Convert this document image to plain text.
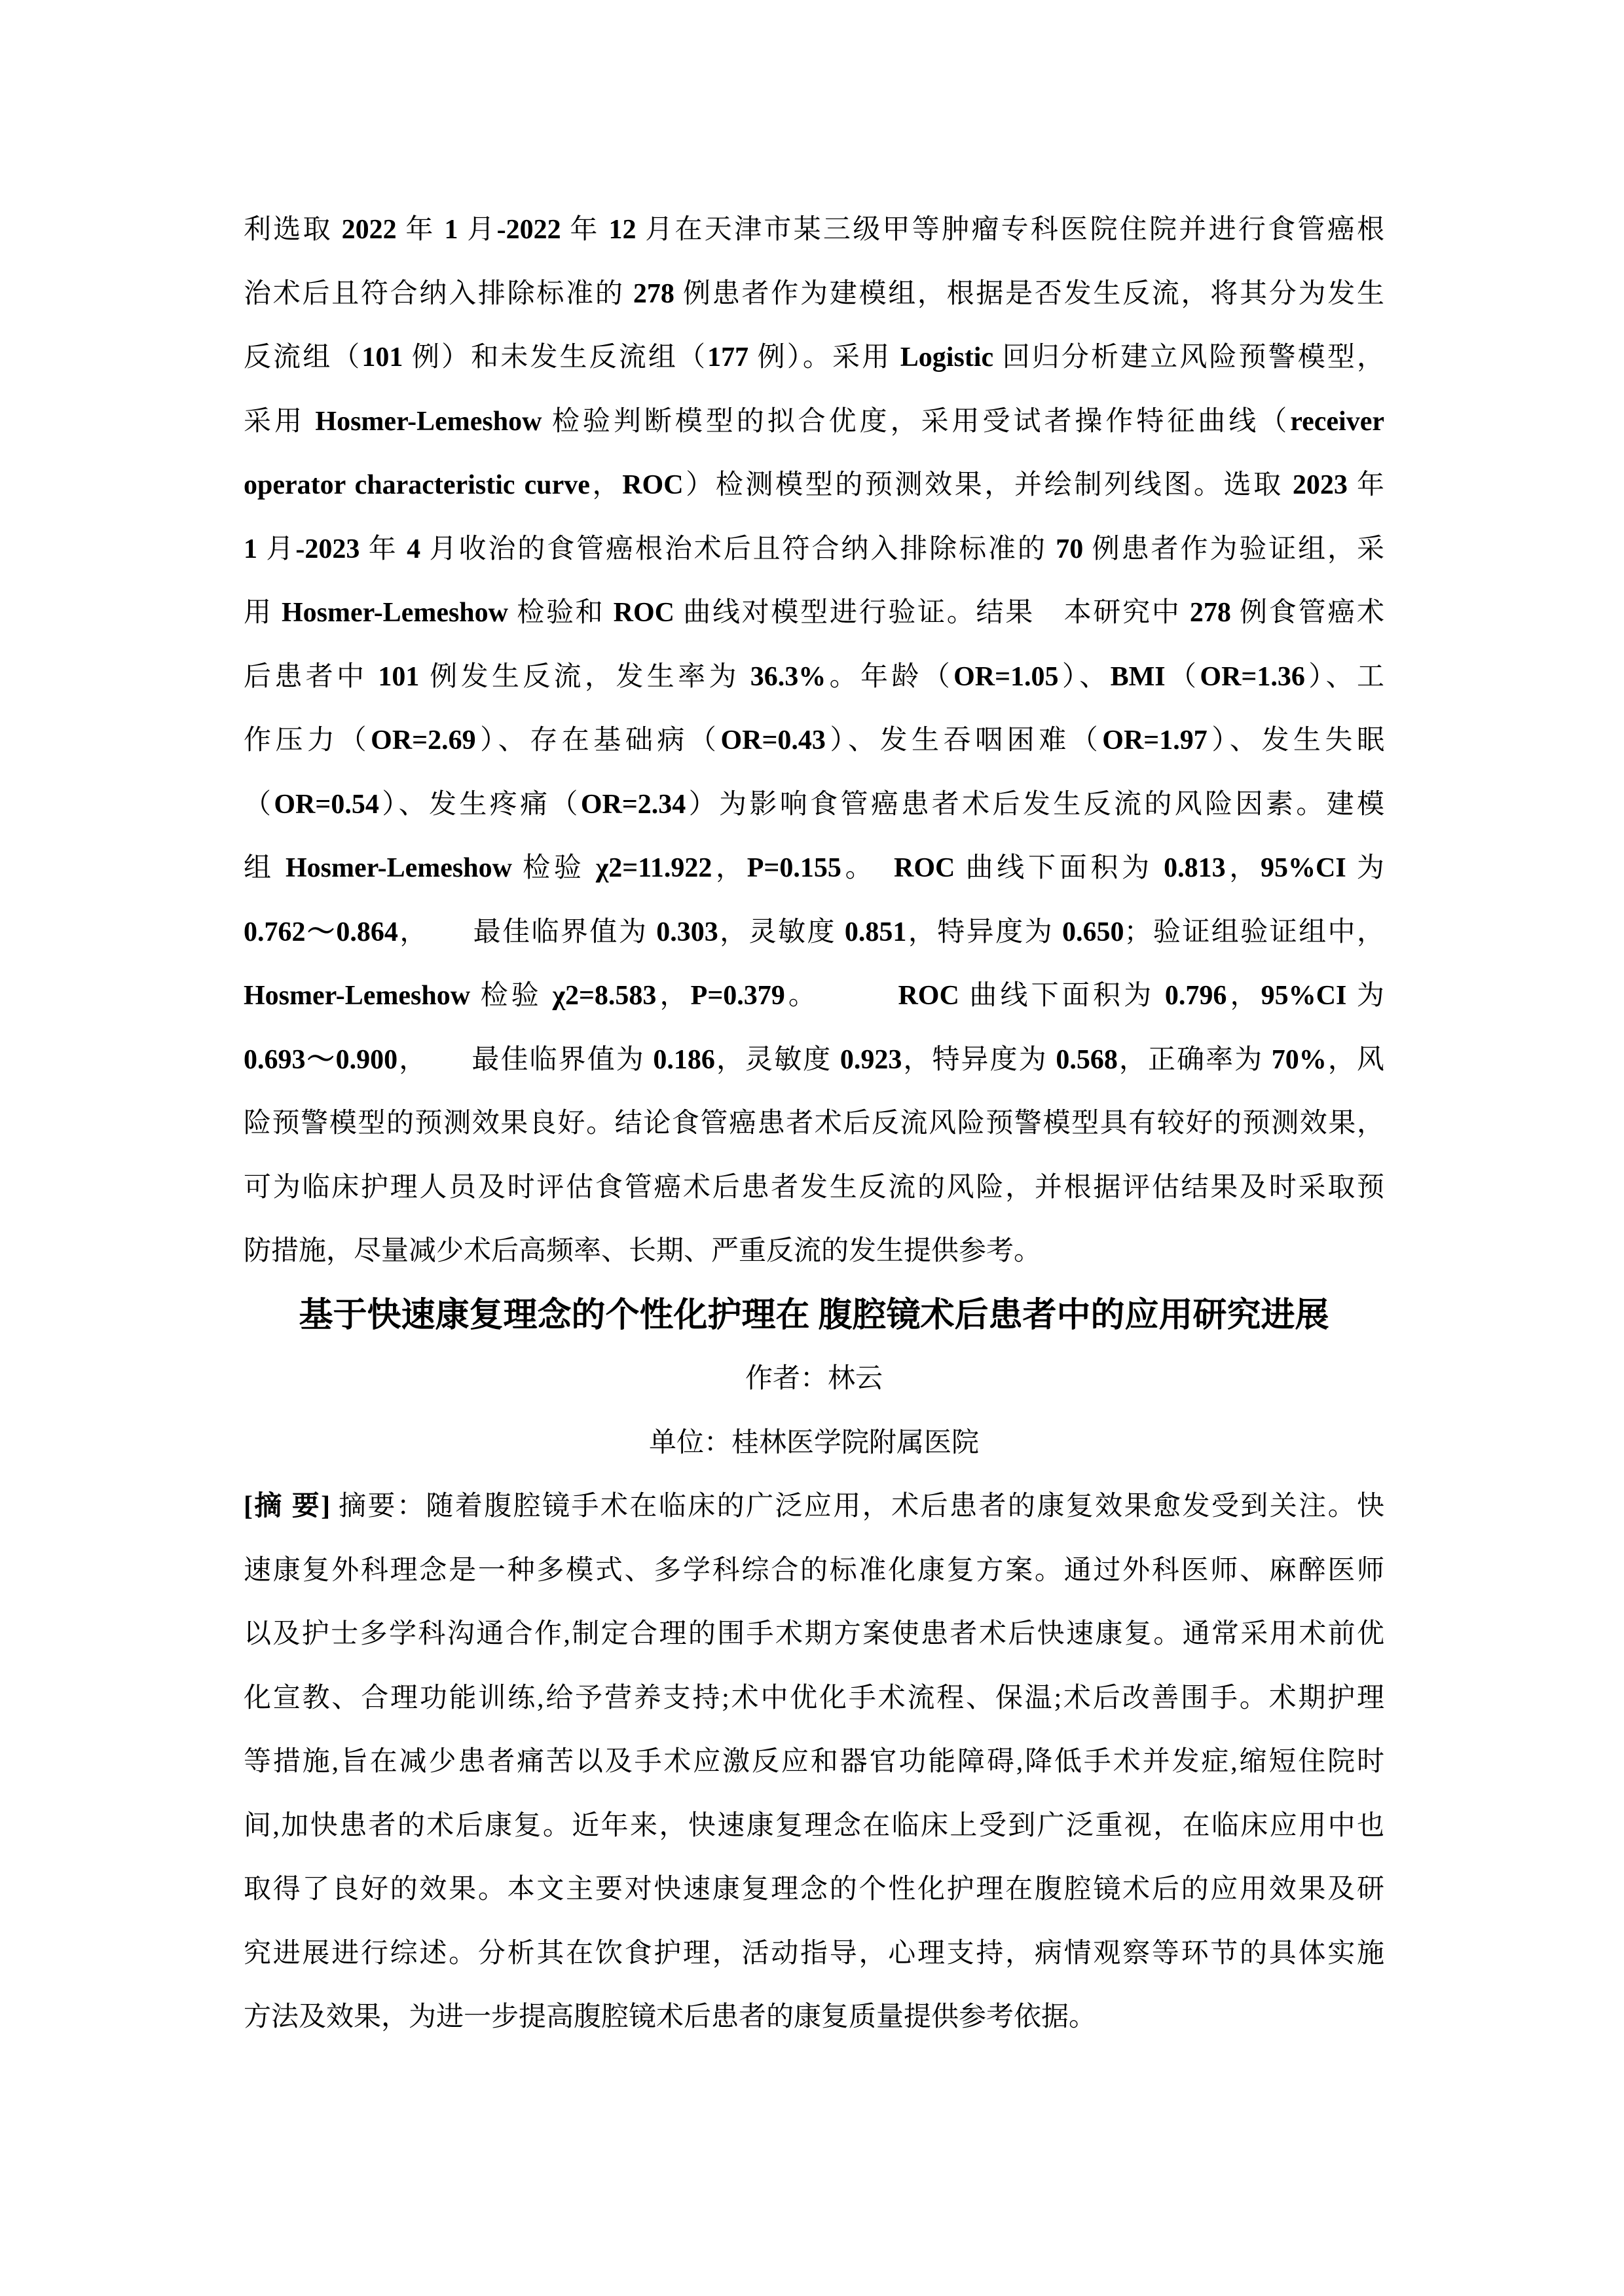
利选取 2022 年 1 月-2022 年 12 月在天津市某三级甲等肿瘤专科医院住院并进行食管癌根
治术后且符合纳入排除标准的 278 例患者作为建模组，根据是否发生反流，将其分为发生
反流组（101 例）和未发生反流组（177 例）。采用 Logistic 回归分析建立风险预警模型，
采用 Hosmer-Lemeshow 检验判断模型的拟合优度，采用受试者操作特征曲线（receiver
operator characteristic curve，ROC）检测模型的预测效果，并绘制列线图。选取 2023 年
1 月-2023 年 4 月收治的食管癌根治术后且符合纳入排除标准的 70 例患者作为验证组，采
用 Hosmer-Lemeshow 检验和 ROC 曲线对模型进行验证。结果　本研究中 278 例食管癌术
后患者中 101 例发生反流，发生率为 36.3%。年龄（OR=1.05）、BMI（OR=1.36）、工
作压力（OR=2.69）、存在基础病（OR=0.43）、发生吞咽困难（OR=1.97）、发生失眠
（OR=0.54）、发生疼痛（OR=2.34）为影响食管癌患者术后发生反流的风险因素。建模
组 Hosmer-Lemeshow 检验 χ2=11.922，P=0.155。　ROC 曲线下面积为 0.813，95%CI 为
0.762～0.864，　　最佳临界值为 0.303，灵敏度 0.851，特异度为 0.650；验证组验证组中，
Hosmer-Lemeshow 检验 χ2=8.583，P=0.379。　　　ROC 曲线下面积为 0.796，95%CI 为
0.693～0.900，　　最佳临界值为 0.186，灵敏度 0.923，特异度为 0.568，正确率为 70%，风
险预警模型的预测效果良好。结论食管癌患者术后反流风险预警模型具有较好的预测效果，
可为临床护理人员及时评估食管癌术后患者发生反流的风险，并根据评估结果及时采取预
防措施，尽量减少术后高频率、长期、严重反流的发生提供参考。
基于快速康复理念的个性化护理在 腹腔镜术后患者中的应用研究进展
作者：林云
单位：桂林医学院附属医院
[摘 要] 摘要：随着腹腔镜手术在临床的广泛应用，术后患者的康复效果愈发受到关注。快
速康复外科理念是一种多模式、多学科综合的标准化康复方案。通过外科医师、麻醉医师
以及护士多学科沟通合作,制定合理的围手术期方案使患者术后快速康复。通常采用术前优
化宣教、合理功能训练,给予营养支持;术中优化手术流程、保温;术后改善围手。术期护理
等措施,旨在减少患者痛苦以及手术应激反应和器官功能障碍,降低手术并发症,缩短住院时
间,加快患者的术后康复。近年来，快速康复理念在临床上受到广泛重视，在临床应用中也
取得了良好的效果。本文主要对快速康复理念的个性化护理在腹腔镜术后的应用效果及研
究进展进行综述。分析其在饮食护理，活动指导，心理支持，病情观察等环节的具体实施
方法及效果，为进一步提高腹腔镜术后患者的康复质量提供参考依据。
